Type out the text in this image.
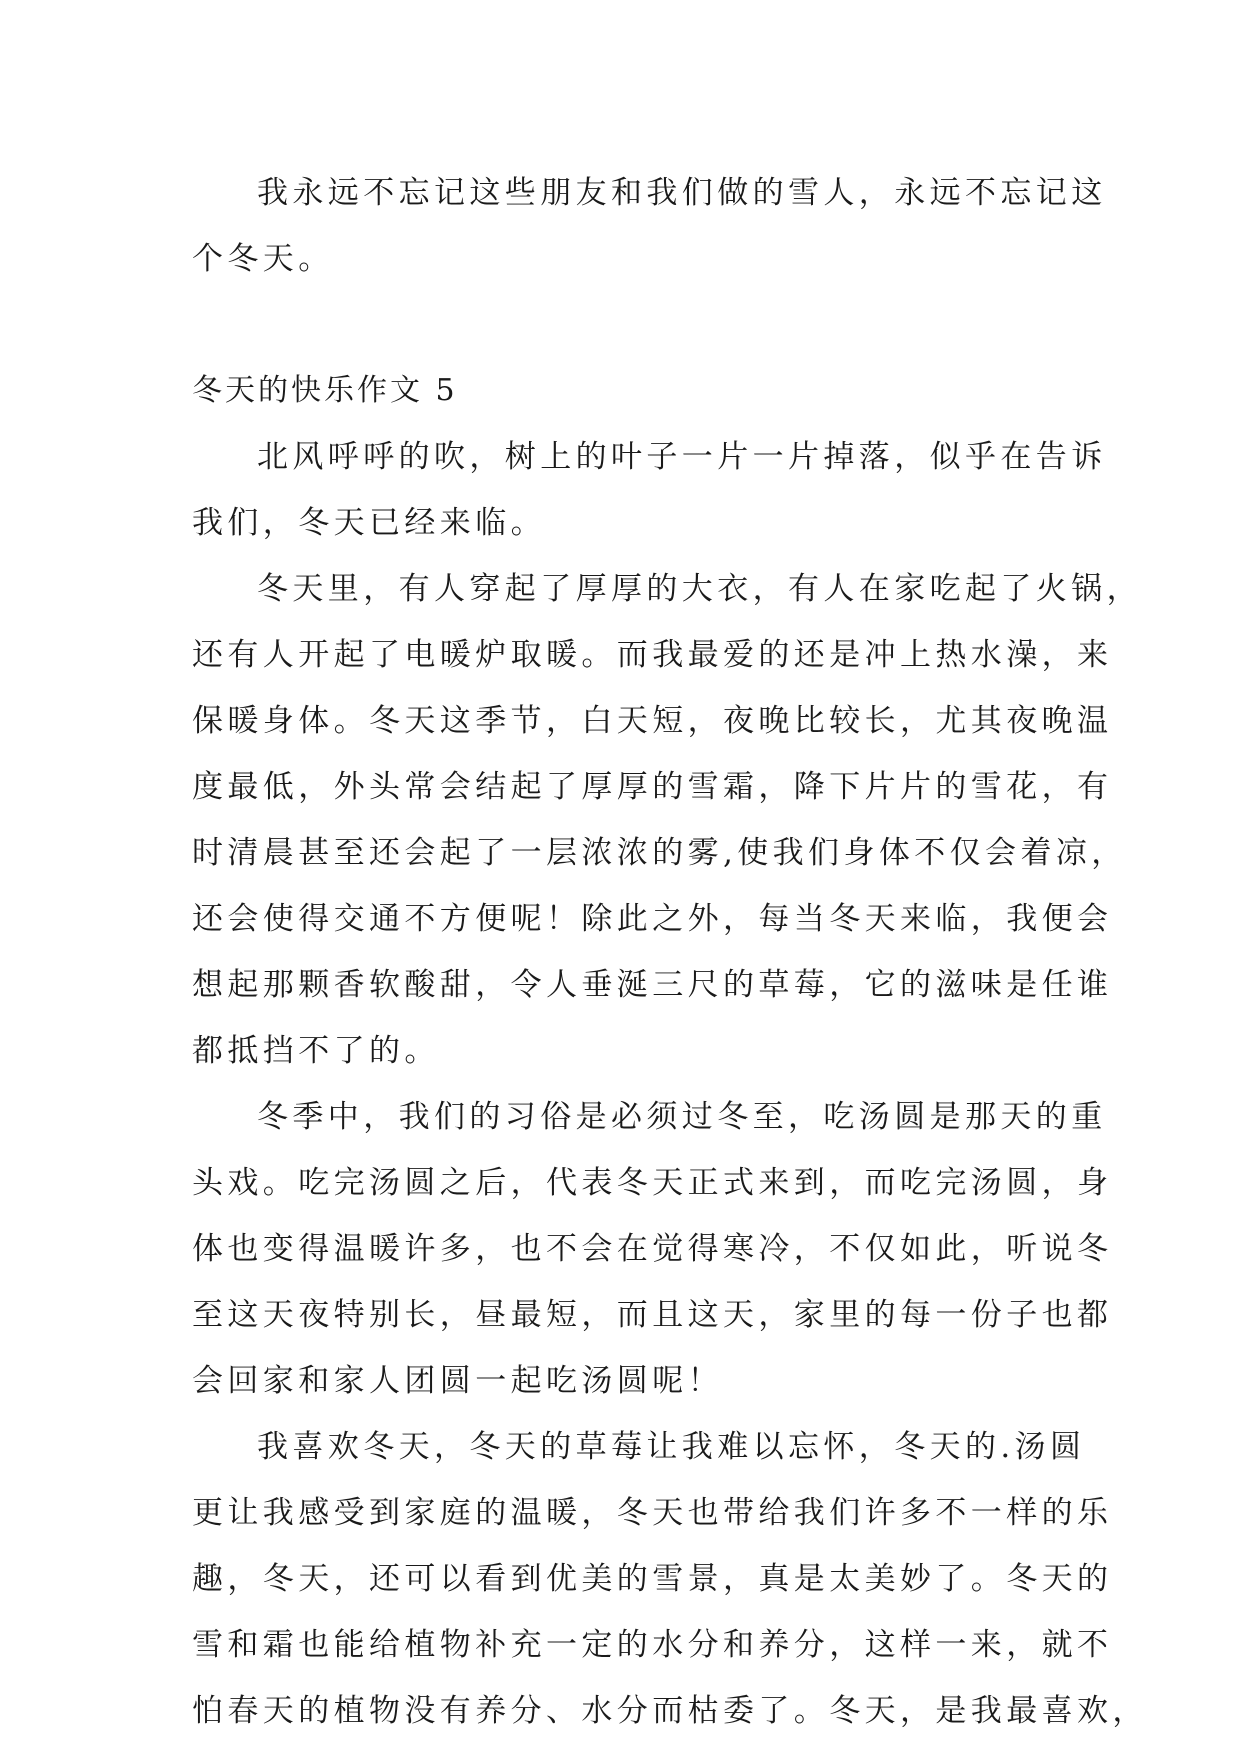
我永远不忘记这些朋友和我们做的雪人，永远不忘记这
个冬天。
冬天的快乐作文 5
北风呼呼的吹，树上的叶子一片一片掉落，似乎在告诉
我们，冬天已经来临。
冬天里，有人穿起了厚厚的大衣，有人在家吃起了火锅，
还有人开起了电暖炉取暖。而我最爱的还是冲上热水澡，来
保暖身体。冬天这季节，白天短，夜晚比较长，尤其夜晚温
度最低，外头常会结起了厚厚的雪霜，降下片片的雪花，有
时清晨甚至还会起了一层浓浓的雾,使我们身体不仅会着凉，
还会使得交通不方便呢！除此之外，每当冬天来临，我便会
想起那颗香软酸甜，令人垂涎三尺的草莓，它的滋味是任谁
都抵挡不了的。
冬季中，我们的习俗是必须过冬至，吃汤圆是那天的重
头戏。吃完汤圆之后，代表冬天正式来到，而吃完汤圆，身
体也变得温暖许多，也不会在觉得寒冷，不仅如此，听说冬
至这天夜特别长，昼最短，而且这天，家里的每一份子也都
会回家和家人团圆一起吃汤圆呢！
我喜欢冬天，冬天的草莓让我难以忘怀，冬天的.汤圆
更让我感受到家庭的温暖，冬天也带给我们许多不一样的乐
趣，冬天，还可以看到优美的雪景，真是太美妙了。冬天的
雪和霜也能给植物补充一定的水分和养分，这样一来，就不
怕春天的植物没有养分、水分而枯委了。冬天，是我最喜欢，
